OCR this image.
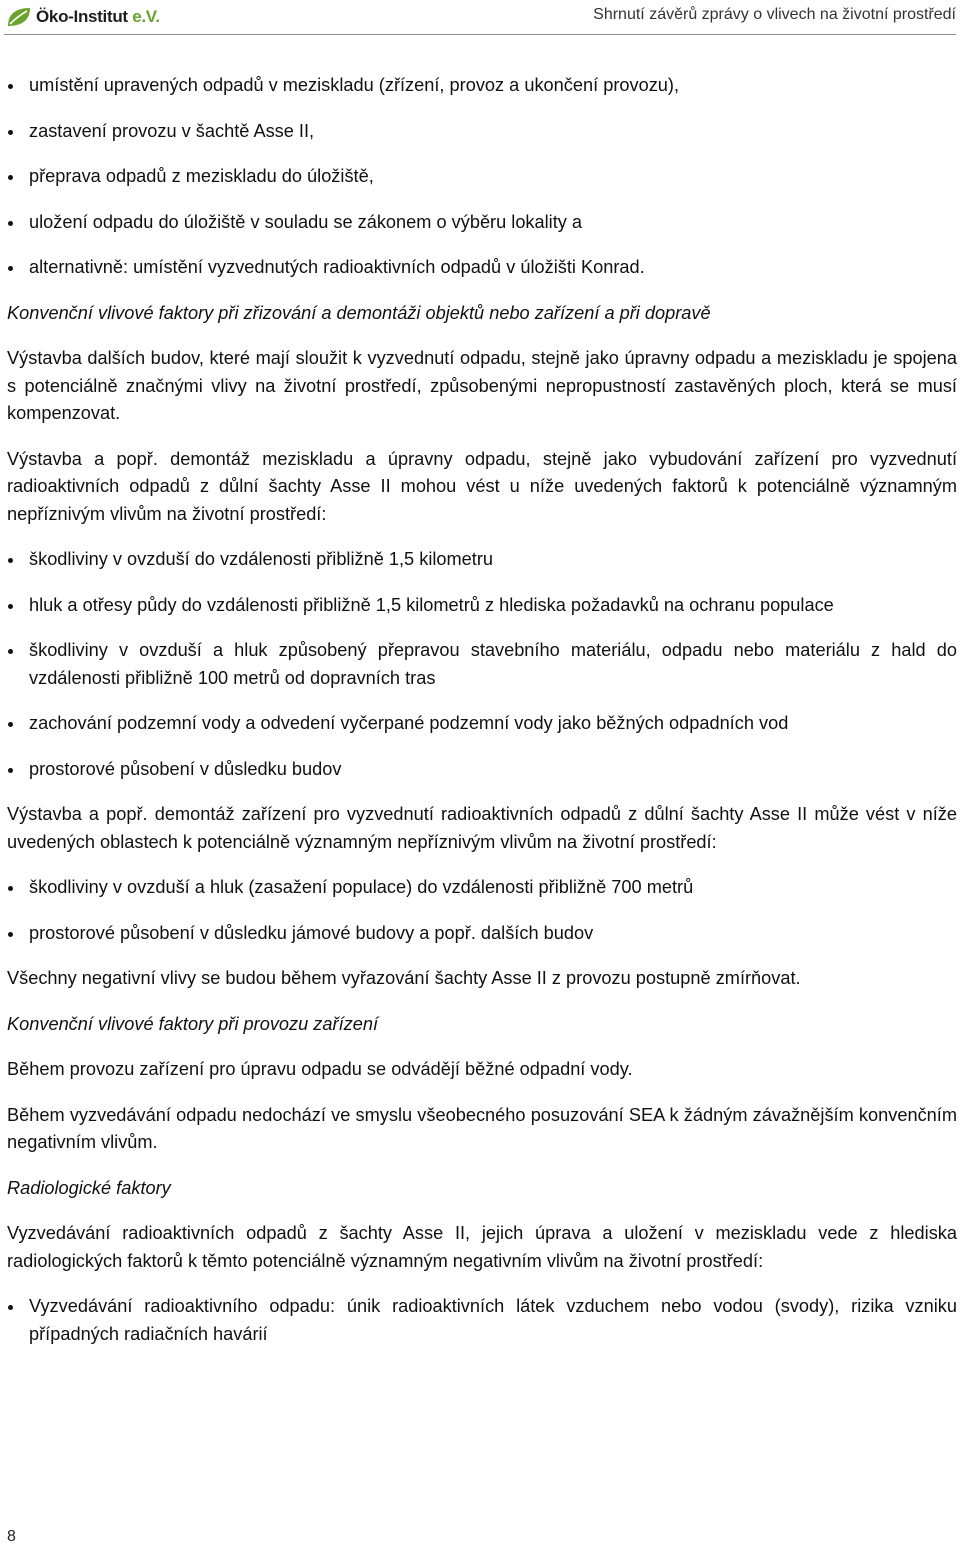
Öko-Institut e.V.	Shrnutí závěrů zprávy o vlivech na životní prostředí
umístění upravených odpadů v meziskladu (zřízení, provoz a ukončení provozu),
zastavení provozu v šachtě Asse II,
přeprava odpadů z meziskladu do úložiště,
uložení odpadu do úložiště v souladu se zákonem o výběru lokality a
alternativně: umístění vyzvednutých radioaktivních odpadů v úložišti Konrad.

Konvenční vlivové faktory při zřizování a demontáži objektů nebo zařízení a při dopravě

Výstavba dalších budov, které mají sloužit k vyzvednutí odpadu, stejně jako úpravny odpadu a meziskladu je spojena s potenciálně značnými vlivy na životní prostředí, způsobenými nepropustností zastavěných ploch, která se musí kompenzovat.

Výstavba a popř. demontáž meziskladu a úpravny odpadu, stejně jako vybudování zařízení pro vyzvednutí radioaktivních odpadů z důlní šachty Asse II mohou vést u níže uvedených faktorů k potenciálně významným nepříznivým vlivům na životní prostředí:

škodliviny v ovzduší do vzdálenosti přibližně 1,5 kilometru
hluk a otřesy půdy do vzdálenosti přibližně 1,5 kilometrů z hlediska požadavků na ochranu populace
škodliviny v ovzduší a hluk způsobený přepravou stavebního materiálu, odpadu nebo materiálu z hald do vzdálenosti přibližně 100 metrů od dopravních tras
zachování podzemní vody a odvedení vyčerpané podzemní vody jako běžných odpadních vod
prostorové působení v důsledku budov

Výstavba a popř. demontáž zařízení pro vyzvednutí radioaktivních odpadů z důlní šachty Asse II může vést v níže uvedených oblastech k potenciálně významným nepříznivým vlivům na životní prostředí:

škodliviny v ovzduší a hluk (zasažení populace) do vzdálenosti přibližně 700 metrů
prostorové působení v důsledku jámové budovy a popř. dalších budov

Všechny negativní vlivy se budou během vyřazování šachty Asse II z provozu postupně zmírňovat.

Konvenční vlivové faktory při provozu zařízení

Během provozu zařízení pro úpravu odpadu se odvádějí běžné odpadní vody.

Během vyzvedávání odpadu nedochází ve smyslu všeobecného posuzování SEA k žádným závažnějším konvenčním negativním vlivům.

Radiologické faktory

Vyzvedávání radioaktivních odpadů z šachty Asse II, jejich úprava a uložení v meziskladu vede z hlediska radiologických faktorů k těmto potenciálně významným negativním vlivům na životní prostředí:

Vyzvedávání radioaktivního odpadu: únik radioaktivních látek vzduchem nebo vodou (svody), rizika vzniku případných radiačních havárií
8
